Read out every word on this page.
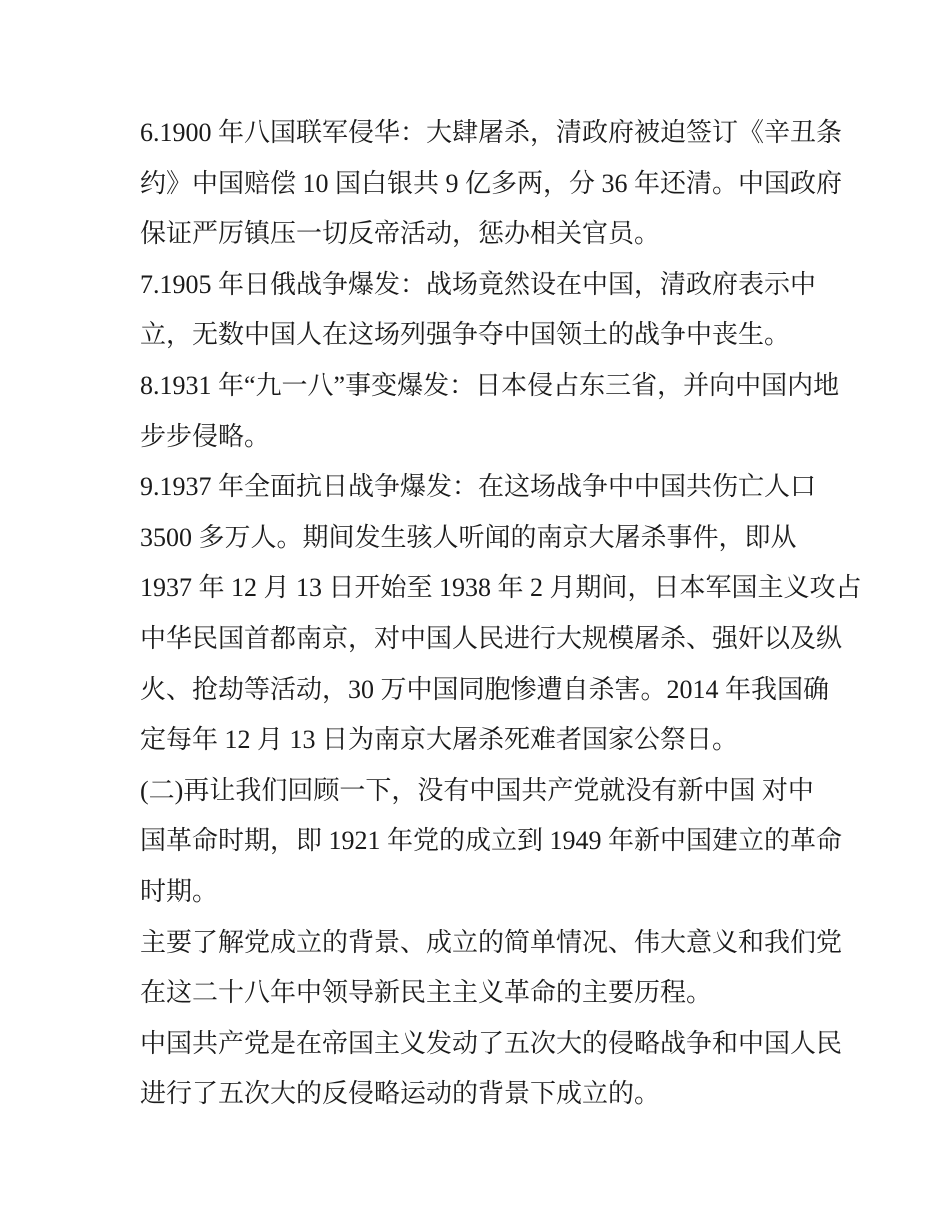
6.1900 年八国联军侵华：大肆屠杀，清政府被迫签订《辛丑条
约》中国赔偿 10 国白银共 9 亿多两，分 36 年还清。中国政府
保证严厉镇压一切反帝活动，惩办相关官员。
7.1905 年日俄战争爆发：战场竟然设在中国，清政府表示中
立，无数中国人在这场列强争夺中国领土的战争中丧生。
8.1931 年“九一八”事变爆发：日本侵占东三省，并向中国内地
步步侵略。
9.1937 年全面抗日战争爆发：在这场战争中中国共伤亡人口
3500 多万人。期间发生骇人听闻的南京大屠杀事件，即从
1937 年 12 月 13 日开始至 1938 年 2 月期间，日本军国主义攻占
中华民国首都南京，对中国人民进行大规模屠杀、强奸以及纵
火、抢劫等活动，30 万中国同胞惨遭自杀害。2014 年我国确
定每年 12 月 13 日为南京大屠杀死难者国家公祭日。
(二)再让我们回顾一下，没有中国共产党就没有新中国 对中
国革命时期，即 1921 年党的成立到 1949 年新中国建立的革命
时期。
主要了解党成立的背景、成立的简单情况、伟大意义和我们党
在这二十八年中领导新民主主义革命的主要历程。
中国共产党是在帝国主义发动了五次大的侵略战争和中国人民
进行了五次大的反侵略运动的背景下成立的。
